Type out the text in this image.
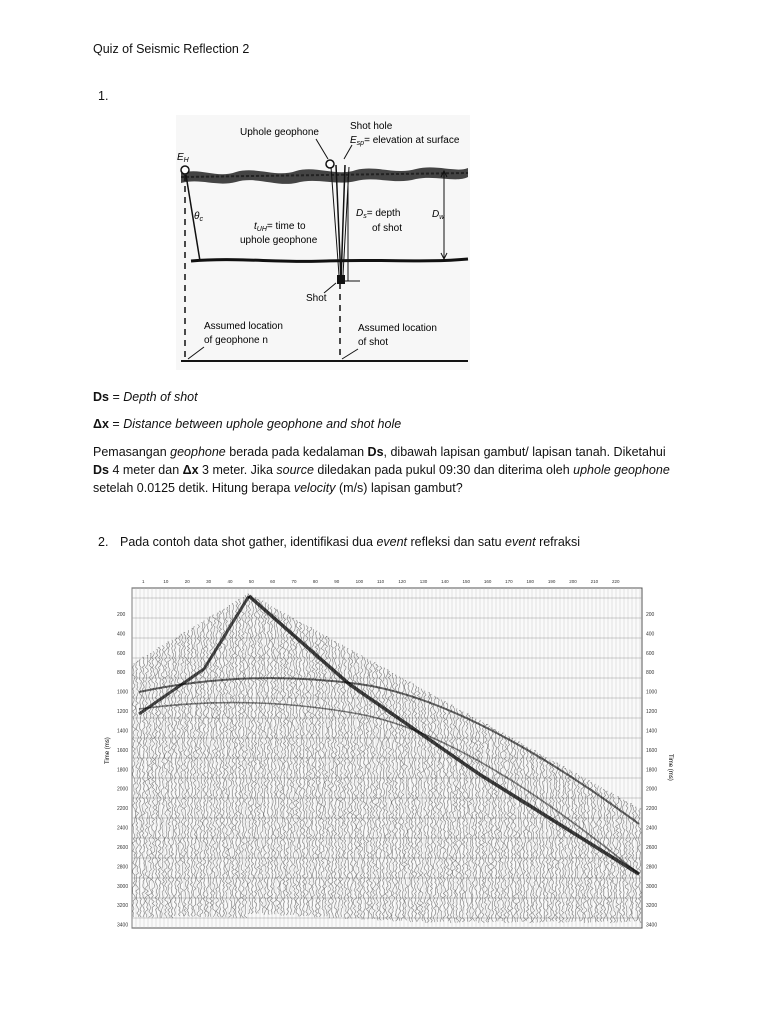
Quiz of Seismic Reflection 2
1.
$E_H$
$\theta_c$
Uphole geophone
Shot hole
$E_{sp}=$ elevation at surface
$t_{UH}=$ time to
uphole geophone
$D_s=$ depth
of shot
$D_w$
Shot
Assumed location
of geophone n
Assumed location
of shot
Ds = Depth of shot
Δx = Distance between uphole geophone and shot hole
Pemasangan geophone berada pada kedalaman Ds, dibawah lapisan gambut/ lapisan tanah. Diketahui
Ds 4 meter dan Δx 3 meter. Jika source diledakan pada pukul 09:30 dan diterima oleh uphole geophone
setelah 0.0125 detik. Hitung berapa velocity (m/s) lapisan gambut?
2. Pada contoh data shot gather, identifikasi dua event refleksi dan satu event refraksi
200
400
600
800
1000
1200
1400
1600
1800
2000
2200
2400
2600
2800
3000
3200
3400
200
400
600
800
1000
1200
1400
1600
1800
2000
2200
2400
2600
2800
3000
3200
3400
1	10	20	30	40	50	60	70	80	90	100	110	120	130	140	150	160	170	180	190	200	210	220
Time (ms)
Time (ms)
